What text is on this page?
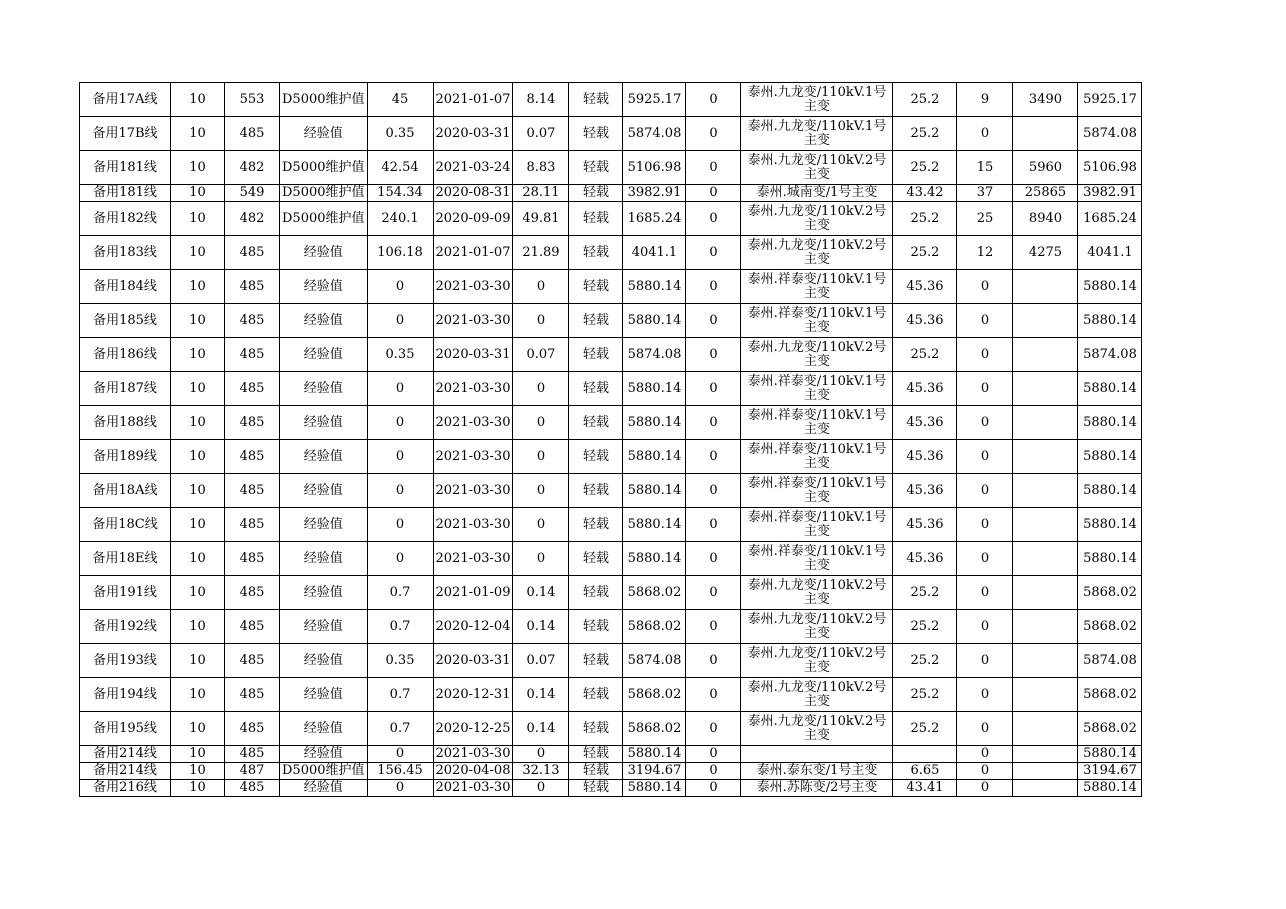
备用17A线	10	553	D5000维护值	45	2021-01-07	8.14	轻载	5925.17	0	泰州.九龙变/110kV.1号主变	25.2	9	3490	5925.17
备用17B线	10	485	经验值	0.35	2020-03-31	0.07	轻载	5874.08	0	泰州.九龙变/110kV.1号主变	25.2	0		5874.08
备用181线	10	482	D5000维护值	42.54	2021-03-24	8.83	轻载	5106.98	0	泰州.九龙变/110kV.2号主变	25.2	15	5960	5106.98
备用181线	10	549	D5000维护值	154.34	2020-08-31	28.11	轻载	3982.91	0	泰州.城南变/1号主变	43.42	37	25865	3982.91
备用182线	10	482	D5000维护值	240.1	2020-09-09	49.81	轻载	1685.24	0	泰州.九龙变/110kV.2号主变	25.2	25	8940	1685.24
备用183线	10	485	经验值	106.18	2021-01-07	21.89	轻载	4041.1	0	泰州.九龙变/110kV.2号主变	25.2	12	4275	4041.1
备用184线	10	485	经验值	0	2021-03-30	0	轻载	5880.14	0	泰州.祥泰变/110kV.1号主变	45.36	0		5880.14
备用185线	10	485	经验值	0	2021-03-30	0	轻载	5880.14	0	泰州.祥泰变/110kV.1号主变	45.36	0		5880.14
备用186线	10	485	经验值	0.35	2020-03-31	0.07	轻载	5874.08	0	泰州.九龙变/110kV.2号主变	25.2	0		5874.08
备用187线	10	485	经验值	0	2021-03-30	0	轻载	5880.14	0	泰州.祥泰变/110kV.1号主变	45.36	0		5880.14
备用188线	10	485	经验值	0	2021-03-30	0	轻载	5880.14	0	泰州.祥泰变/110kV.1号主变	45.36	0		5880.14
备用189线	10	485	经验值	0	2021-03-30	0	轻载	5880.14	0	泰州.祥泰变/110kV.1号主变	45.36	0		5880.14
备用18A线	10	485	经验值	0	2021-03-30	0	轻载	5880.14	0	泰州.祥泰变/110kV.1号主变	45.36	0		5880.14
备用18C线	10	485	经验值	0	2021-03-30	0	轻载	5880.14	0	泰州.祥泰变/110kV.1号主变	45.36	0		5880.14
备用18E线	10	485	经验值	0	2021-03-30	0	轻载	5880.14	0	泰州.祥泰变/110kV.1号主变	45.36	0		5880.14
备用191线	10	485	经验值	0.7	2021-01-09	0.14	轻载	5868.02	0	泰州.九龙变/110kV.2号主变	25.2	0		5868.02
备用192线	10	485	经验值	0.7	2020-12-04	0.14	轻载	5868.02	0	泰州.九龙变/110kV.2号主变	25.2	0		5868.02
备用193线	10	485	经验值	0.35	2020-03-31	0.07	轻载	5874.08	0	泰州.九龙变/110kV.2号主变	25.2	0		5874.08
备用194线	10	485	经验值	0.7	2020-12-31	0.14	轻载	5868.02	0	泰州.九龙变/110kV.2号主变	25.2	0		5868.02
备用195线	10	485	经验值	0.7	2020-12-25	0.14	轻载	5868.02	0	泰州.九龙变/110kV.2号主变	25.2	0		5868.02
备用214线	10	485	经验值	0	2021-03-30	0	轻载	5880.14	0			0		5880.14
备用214线	10	487	D5000维护值	156.45	2020-04-08	32.13	轻载	3194.67	0	泰州.泰东变/1号主变	6.65	0		3194.67
备用216线	10	485	经验值	0	2021-03-30	0	轻载	5880.14	0	泰州.苏陈变/2号主变	43.41	0		5880.14
